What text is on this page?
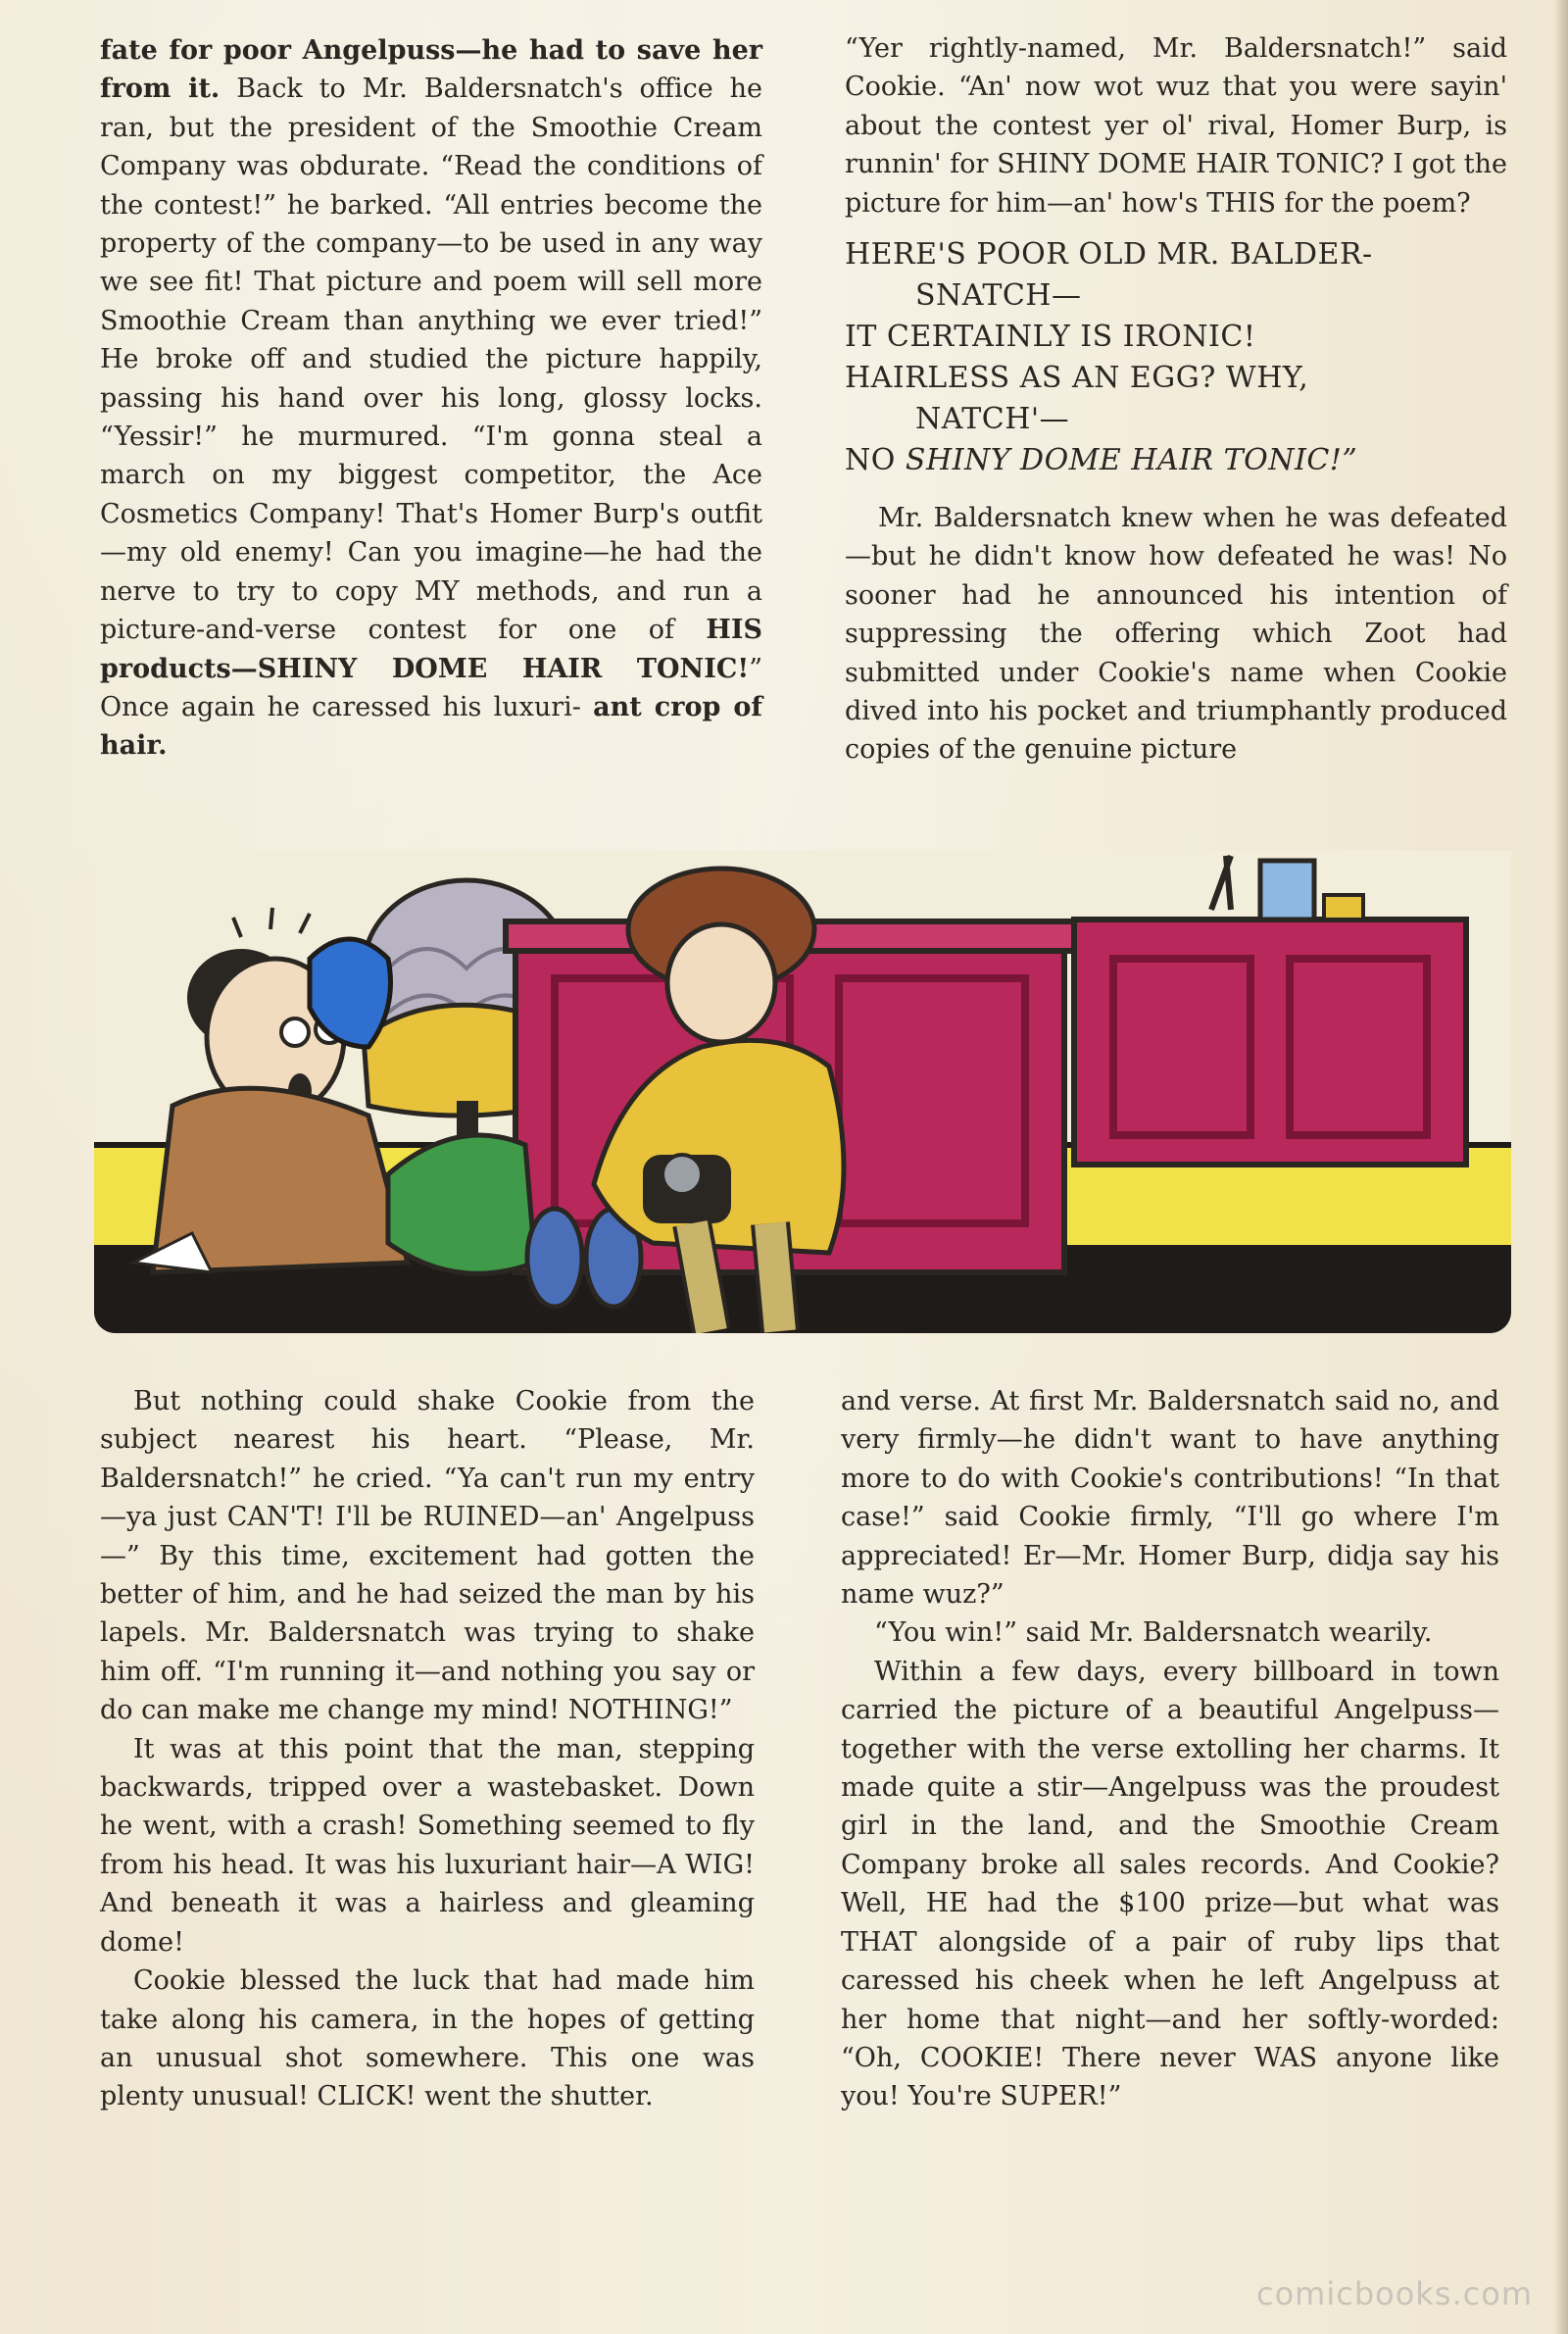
fate for poor Angelpuss—he had to save her from it. Back to Mr. Baldersnatch's office he ran, but the president of the Smoothie Cream Company was obdurate. “Read the conditions of the contest!” he barked. “All entries become the property of the company—to be used in any way we see fit! That picture and poem will sell more Smoothie Cream than anything we ever tried!” He broke off and studied the picture happily, passing his hand over his long, glossy locks. “Yessir!” he murmured. “I'm gonna steal a march on my biggest competitor, the Ace Cosmetics Company! That's Homer Burp's outfit—my old enemy! Can you imagine—he had the nerve to try to copy MY methods, and run a picture-and-verse contest for one of HIS products—SHINY DOME HAIR TONIC!” Once again he caressed his luxuri- ant crop of hair.

“Yer rightly-named, Mr. Baldersnatch!” said Cookie. “An' now wot wuz that you were sayin' about the contest yer ol' rival, Homer Burp, is runnin' for SHINY DOME HAIR TONIC? I got the picture for him—an' how's THIS for the poem?

HERE'S POOR OLD MR. BALDER-
SNATCH—
IT CERTAINLY IS IRONIC!
HAIRLESS AS AN EGG? WHY,
NATCH'—
NO SHINY DOME HAIR TONIC!”

Mr. Baldersnatch knew when he was defeated—but he didn't know how defeated he was! No sooner had he announced his intention of suppressing the offering which Zoot had submitted under Cookie's name when Cookie dived into his pocket and triumphantly produced copies of the genuine picture

But nothing could shake Cookie from the subject nearest his heart. “Please, Mr. Baldersnatch!” he cried. “Ya can't run my entry—ya just CAN'T! I'll be RUINED—an' Angelpuss—” By this time, excitement had gotten the better of him, and he had seized the man by his lapels. Mr. Baldersnatch was trying to shake him off. “I'm running it—and nothing you say or do can make me change my mind! NOTHING!”

It was at this point that the man, stepping backwards, tripped over a wastebasket. Down he went, with a crash! Something seemed to fly from his head. It was his luxuriant hair—A WIG! And beneath it was a hairless and gleaming dome!

Cookie blessed the luck that had made him take along his camera, in the hopes of getting an unusual shot somewhere. This one was plenty unusual! CLICK! went the shutter.

and verse. At first Mr. Baldersnatch said no, and very firmly—he didn't want to have anything more to do with Cookie's contributions! “In that case!” said Cookie firmly, “I'll go where I'm appreciated! Er—Mr. Homer Burp, didja say his name wuz?”

“You win!” said Mr. Baldersnatch wearily.

Within a few days, every billboard in town carried the picture of a beautiful Angelpuss—together with the verse extolling her charms. It made quite a stir—Angelpuss was the proudest girl in the land, and the Smoothie Cream Company broke all sales records. And Cookie? Well, HE had the $100 prize—but what was THAT alongside of a pair of ruby lips that caressed his cheek when he left Angelpuss at her home that night—and her softly-worded: “Oh, COOKIE! There never WAS anyone like you! You're SUPER!”

comicbooks.com
